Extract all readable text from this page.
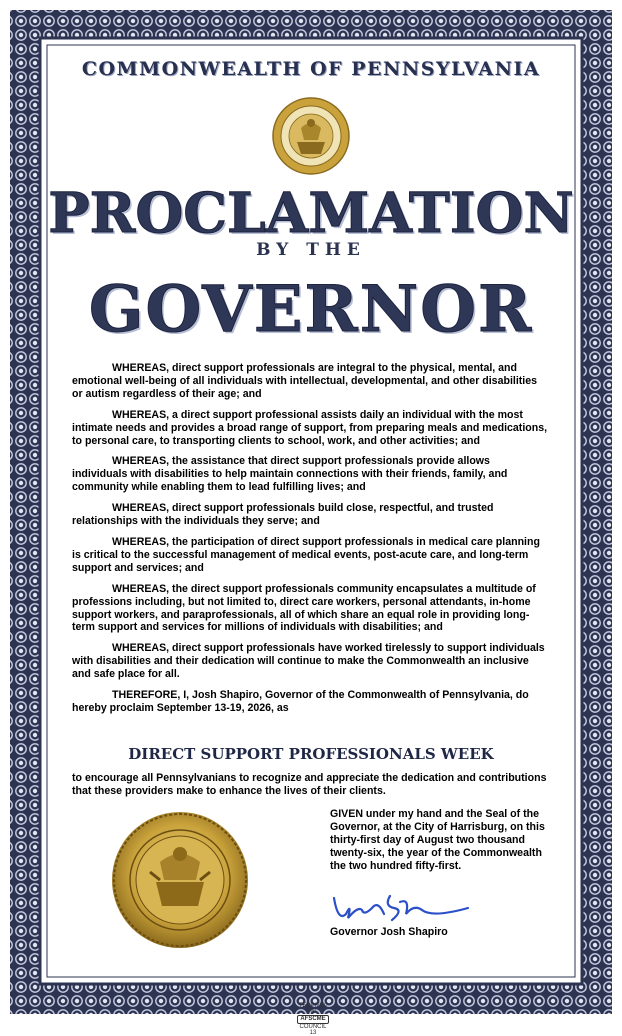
COMMONWEALTH OF PENNSYLVANIA
PROCLAMATION
BY THE
GOVERNOR

WHEREAS, direct support professionals are integral to the physical, mental, and emotional well-being of all individuals with intellectual, developmental, and other disabilities or autism regardless of their age; and

WHEREAS, a direct support professional assists daily an individual with the most intimate needs and provides a broad range of support, from preparing meals and medications, to personal care, to transporting clients to school, work, and other activities; and

WHEREAS, the assistance that direct support professionals provide allows individuals with disabilities to help maintain connections with their friends, family, and community while enabling them to lead fulfilling lives; and

WHEREAS, direct support professionals build close, respectful, and trusted relationships with the individuals they serve; and

WHEREAS, the participation of direct support professionals in medical care planning is critical to the successful management of medical events, post-acute care, and long-term support and services; and

WHEREAS, the direct support professionals community encapsulates a multitude of professions including, but not limited to, direct care workers, personal attendants, in-home support workers, and paraprofessionals, all of which share an equal role in providing long-term support and services for millions of individuals with disabilities; and

WHEREAS, direct support professionals have worked tirelessly to support individuals with disabilities and their dedication will continue to make the Commonwealth an inclusive and safe place for all.

THEREFORE, I, Josh Shapiro, Governor of the Commonwealth of Pennsylvania, do hereby proclaim September 13-19, 2026, as

DIRECT SUPPORT PROFESSIONALS WEEK

to encourage all Pennsylvanians to recognize and appreciate the dedication and contributions that these providers make to enhance the lives of their clients.

GIVEN under my hand and the Seal of the Governor, at the City of Harrisburg, on this thirty-first day of August two thousand twenty-six, the year of the Commonwealth the two hundred fifty-first.
Governor Josh Shapiro
TFOPIND-W
AFSCME
COUNCIL 13
